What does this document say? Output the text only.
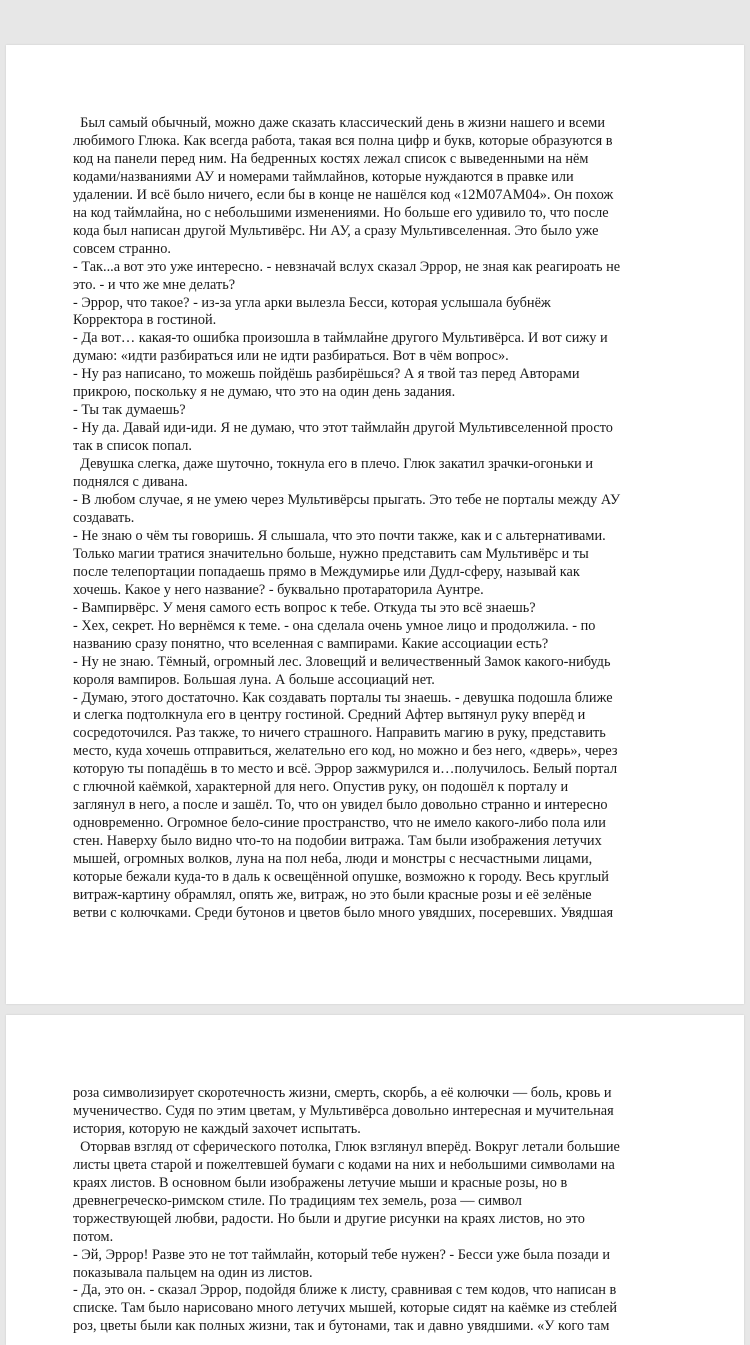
Был самый обычный, можно даже сказать классический день в жизни нашего и всеми
любимого Глюка. Как всегда работа, такая вся полна цифр и букв, которые образуются в
код на панели перед ним. На бедренных костях лежал список с выведенными на нём
кодами/названиями АУ и номерами таймлайнов, которые нуждаются в правке или
удалении. И всё было ничего, если бы в конце не нашёлся код «12М07АМ04». Он похож
на код таймлайна, но с небольшими изменениями. Но больше его удивило то, что после
кода был написан другой Мультивёрс. Ни АУ, а сразу Мультивселенная. Это было уже
совсем странно.
- Так...а вот это уже интересно. - невзначай вслух сказал Эррор, не зная как реагироать не
это. - и что же мне делать?
- Эррор, что такое? - из-за угла арки вылезла Бесси, которая услышала бубнёж
Корректора в гостиной.
- Да вот… какая-то ошибка произошла в таймлайне другого Мультивёрса. И вот сижу и
думаю: «идти разбираться или не идти разбираться. Вот в чём вопрос».
- Ну раз написано, то можешь пойдёшь разбирёшься? А я твой таз перед Авторами
прикрою, поскольку я не думаю, что это на один день задания.
- Ты так думаешь?
- Ну да. Давай иди-иди. Я не думаю, что этот таймлайн другой Мультивселенной просто
так в список попал.
Девушка слегка, даже шуточно, токнула его в плечо. Глюк закатил зрачки-огоньки и
поднялся с дивана.
- В любом случае, я не умею через Мультивёрсы прыгать. Это тебе не порталы между АУ
создавать.
- Не знаю о чём ты говоришь. Я слышала, что это почти также, как и с альтернативами.
Только магии тратися значительно больше, нужно представить сам Мультивёрс и ты
после телепортации попадаешь прямо в Междумирье или Дудл-сферу, называй как
хочешь. Какое у него название? - буквально протараторила Аунтре.
- Вампирвёрс. У меня самого есть вопрос к тебе. Откуда ты это всё знаешь?
- Хех, секрет. Но вернёмся к теме. - она сделала очень умное лицо и продолжила. - по
названию сразу понятно, что вселенная с вампирами. Какие ассоциации есть?
- Ну не знаю. Тёмный, огромный лес. Зловещий и величественный Замок какого-нибудь
короля вампиров. Большая луна. А больше ассоциаций нет.
- Думаю, этого достаточно. Как создавать порталы ты знаешь. - девушка подошла ближе
и слегка подтолкнула его в центру гостиной. Средний Афтер вытянул руку вперёд и
сосредоточился. Раз также, то ничего страшного. Направить магию в руку, представить
место, куда хочешь отправиться, желательно его код, но можно и без него, «дверь», через
которую ты попадёшь в то место и всё. Эррор зажмурился и…получилось. Белый портал
с глючной каёмкой, характерной для него. Опустив руку, он подошёл к порталу и
заглянул в него, а после и зашёл. То, что он увидел было довольно странно и интересно
одновременно. Огромное бело-синие пространство, что не имело какого-либо пола или
стен. Наверху было видно что-то на подобии витража. Там были изображения летучих
мышей, огромных волков, луна на пол неба, люди и монстры с несчастными лицами,
которые бежали куда-то в даль к освещённой опушке, возможно к городу. Весь круглый
витраж-картину обрамлял, опять же, витраж, но это были красные розы и её зелёные
ветви с колючками. Среди бутонов и цветов было много увядших, посеревших. Увядшая
роза символизирует скоротечность жизни, смерть, скорбь, а её колючки — боль, кровь и
мученичество. Судя по этим цветам, у Мультивёрса довольно интересная и мучительная
история, которую не каждый захочет испытать.
Оторвав взгляд от сферического потолка, Глюк взглянул вперёд. Вокруг летали большие
листы цвета старой и пожелтевшей бумаги с кодами на них и небольшими символами на
краях листов. В основном были изображены летучие мыши и красные розы, но в
древнегреческо-римском стиле. По традициям тех земель, роза — символ
торжествующей любви, радости. Но были и другие рисунки на краях листов, но это
потом.
- Эй, Эррор! Разве это не тот таймлайн, который тебе нужен? - Бесси уже была позади и
показывала пальцем на один из листов.
- Да, это он. - сказал Эррор, подойдя ближе к листу, сравнивая с тем кодов, что написан в
списке. Там было нарисовано много летучих мышей, которые сидят на каёмке из стеблей
роз, цветы были как полных жизни, так и бутонами, так и давно увядшими. «У кого там
